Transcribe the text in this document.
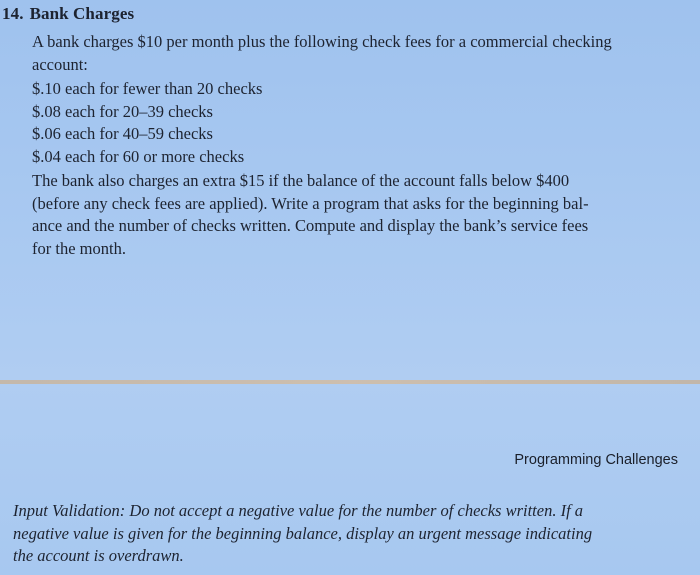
14. Bank Charges

A bank charges $10 per month plus the following check fees for a commercial checking
account:

$.10 each for fewer than 20 checks
$.08 each for 20–39 checks
$.06 each for 40–59 checks
$.04 each for 60 or more checks

The bank also charges an extra $15 if the balance of the account falls below $400
(before any check fees are applied). Write a program that asks for the beginning bal-
ance and the number of checks written. Compute and display the bank’s service fees
for the month.

Programming Challenges

Input Validation: Do not accept a negative value for the number of checks written. If a
negative value is given for the beginning balance, display an urgent message indicating
the account is overdrawn.
